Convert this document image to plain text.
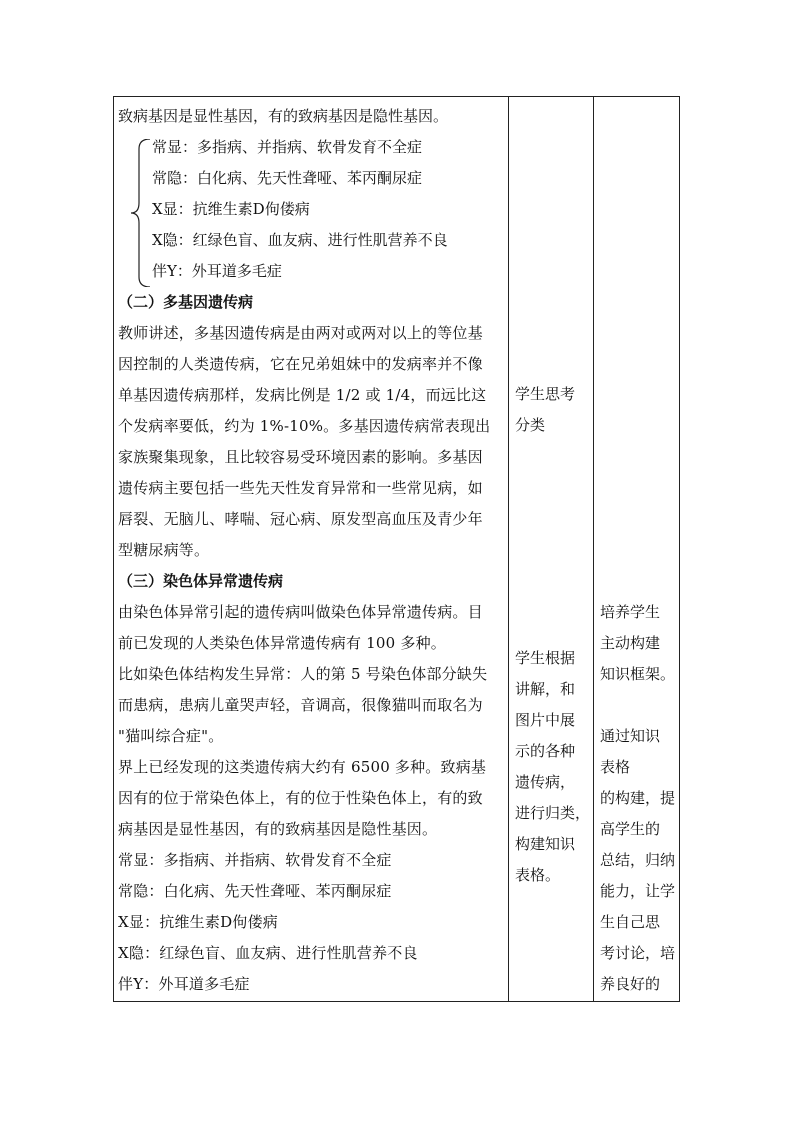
致病基因是显性基因，有的致病基因是隐性基因。
常显：多指病、并指病、软骨发育不全症
常隐：白化病、先天性聋哑、苯丙酮尿症
X显：抗维生素D佝偻病
X隐：红绿色盲、血友病、进行性肌营养不良
伴Y：外耳道多毛症
（二）多基因遗传病
教师讲述，多基因遗传病是由两对或两对以上的等位基
因控制的人类遗传病，它在兄弟姐妹中的发病率并不像
单基因遗传病那样，发病比例是 1/2 或 1/4，而远比这
个发病率要低，约为 1%-10%。多基因遗传病常表现出
家族聚集现象，且比较容易受环境因素的影响。多基因
遗传病主要包括一些先天性发育异常和一些常见病，如
唇裂、无脑儿、哮喘、冠心病、原发型高血压及青少年
型糖尿病等。
（三）染色体异常遗传病
由染色体异常引起的遗传病叫做染色体异常遗传病。目
前已发现的人类染色体异常遗传病有 100 多种。
比如染色体结构发生异常：人的第 5 号染色体部分缺失
而患病，患病儿童哭声轻，音调高，很像猫叫而取名为
"猫叫综合症"。
界上已经发现的这类遗传病大约有 6500 多种。致病基
因有的位于常染色体上，有的位于性染色体上，有的致
病基因是显性基因，有的致病基因是隐性基因。
常显：多指病、并指病、软骨发育不全症
常隐：白化病、先天性聋哑、苯丙酮尿症
X显：抗维生素D佝偻病
X隐：红绿色盲、血友病、进行性肌营养不良
伴Y：外耳道多毛症
学生思考
分类
学生根据
讲解，和
图片中展
示的各种
遗传病，
进行归类，
构建知识
表格。
培养学生
主动构建
知识框架。
通过知识
表格
的构建，提
高学生的
总结，归纳
能力，让学
生自己思
考讨论，培
养良好的
